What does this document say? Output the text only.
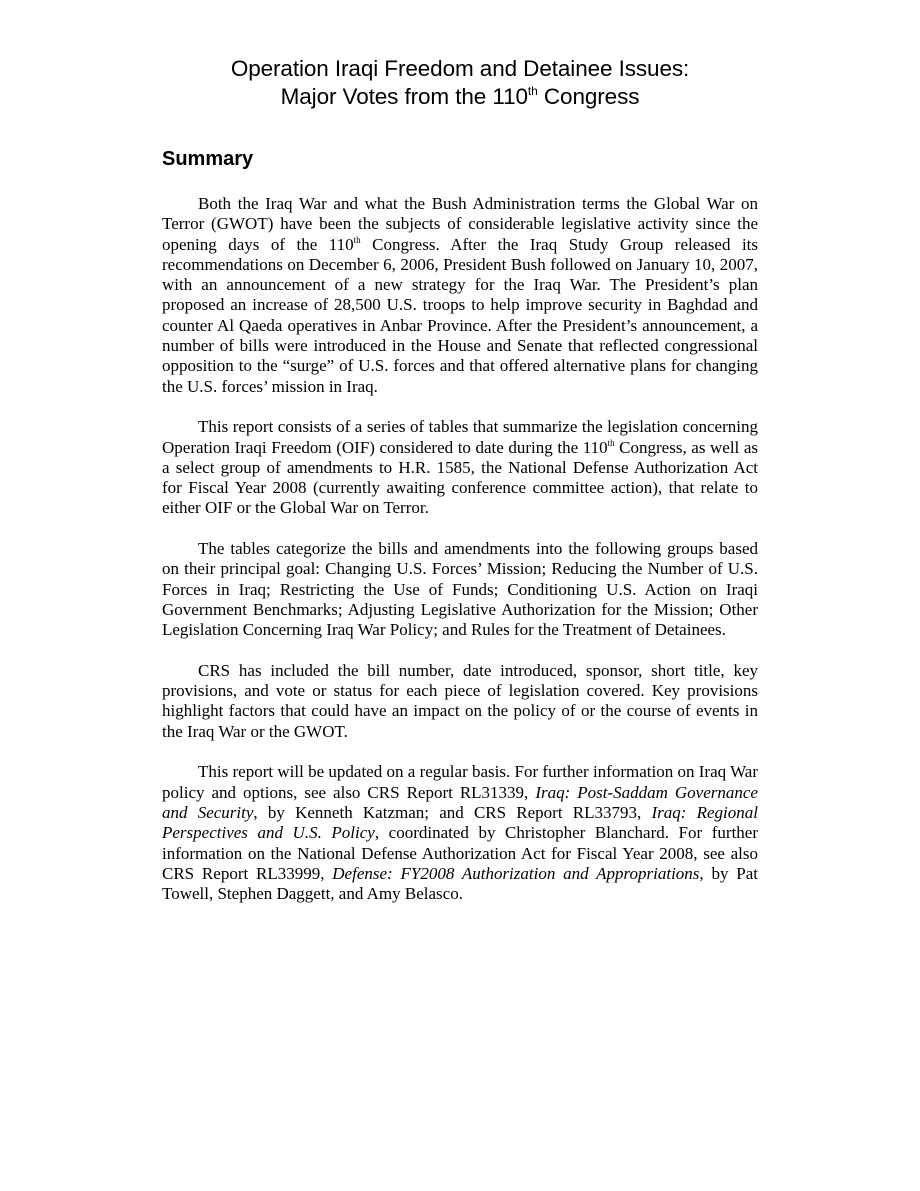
Operation Iraqi Freedom and Detainee Issues:
Major Votes from the 110th Congress
Summary

Both the Iraq War and what the Bush Administration terms the Global War on Terror (GWOT) have been the subjects of considerable legislative activity since the opening days of the 110th Congress. After the Iraq Study Group released its recommendations on December 6, 2006, President Bush followed on January 10, 2007, with an announcement of a new strategy for the Iraq War. The President’s plan proposed an increase of 28,500 U.S. troops to help improve security in Baghdad and counter Al Qaeda operatives in Anbar Province. After the President’s announcement, a number of bills were introduced in the House and Senate that reflected congressional opposition to the “surge” of U.S. forces and that offered alternative plans for changing the U.S. forces’ mission in Iraq.

This report consists of a series of tables that summarize the legislation concerning Operation Iraqi Freedom (OIF) considered to date during the 110th Congress, as well as a select group of amendments to H.R. 1585, the National Defense Authorization Act for Fiscal Year 2008 (currently awaiting conference committee action), that relate to either OIF or the Global War on Terror.

The tables categorize the bills and amendments into the following groups based on their principal goal: Changing U.S. Forces’ Mission; Reducing the Number of U.S. Forces in Iraq; Restricting the Use of Funds; Conditioning U.S. Action on Iraqi Government Benchmarks; Adjusting Legislative Authorization for the Mission; Other Legislation Concerning Iraq War Policy; and Rules for the Treatment of Detainees.

CRS has included the bill number, date introduced, sponsor, short title, key provisions, and vote or status for each piece of legislation covered. Key provisions highlight factors that could have an impact on the policy of or the course of events in the Iraq War or the GWOT.

This report will be updated on a regular basis. For further information on Iraq War policy and options, see also CRS Report RL31339, Iraq: Post-Saddam Governance and Security, by Kenneth Katzman; and CRS Report RL33793, Iraq: Regional Perspectives and U.S. Policy, coordinated by Christopher Blanchard. For further information on the National Defense Authorization Act for Fiscal Year 2008, see also CRS Report RL33999, Defense: FY2008 Authorization and Appropriations, by Pat Towell, Stephen Daggett, and Amy Belasco.
